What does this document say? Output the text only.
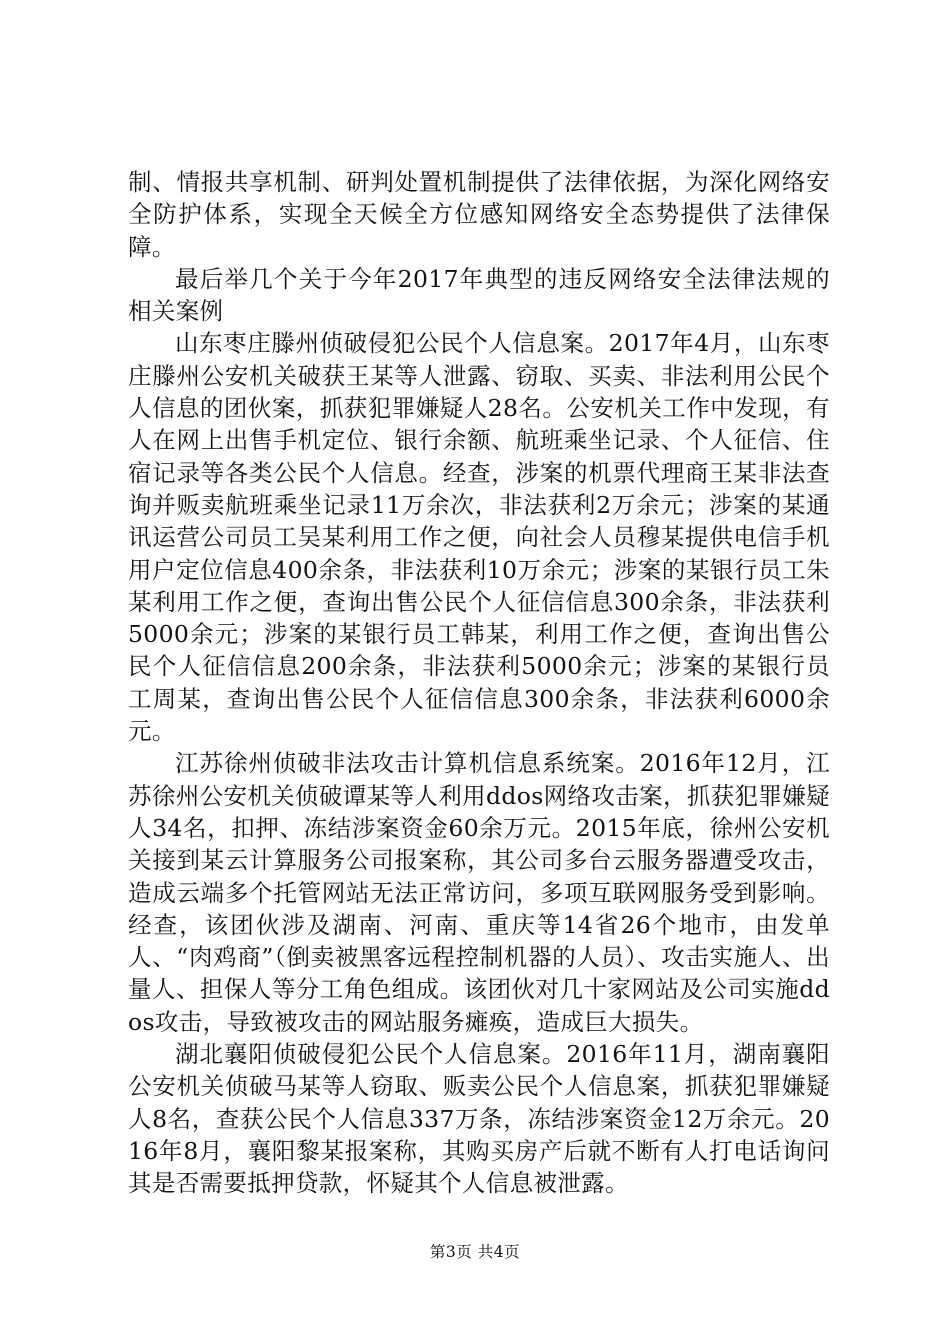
制、情报共享机制、研判处置机制提供了法律依据，为深化网络安全防护体系，实现全天候全方位感知网络安全态势提供了法律保障。

最后举几个关于今年2017年典型的违反网络安全法律法规的相关案例

山东枣庄滕州侦破侵犯公民个人信息案。2017年4月，山东枣庄滕州公安机关破获王某等人泄露、窃取、买卖、非法利用公民个人信息的团伙案，抓获犯罪嫌疑人28名。公安机关工作中发现，有人在网上出售手机定位、银行余额、航班乘坐记录、个人征信、住宿记录等各类公民个人信息。经查，涉案的机票代理商王某非法查询并贩卖航班乘坐记录11万余次，非法获利2万余元；涉案的某通讯运营公司员工吴某利用工作之便，向社会人员穆某提供电信手机用户定位信息400余条，非法获利10万余元；涉案的某银行员工朱某利用工作之便，查询出售公民个人征信信息300余条，非法获利5000余元；涉案的某银行员工韩某，利用工作之便，查询出售公民个人征信信息200余条，非法获利5000余元；涉案的某银行员工周某，查询出售公民个人征信信息300余条，非法获利6000余元。

江苏徐州侦破非法攻击计算机信息系统案。2016年12月，江苏徐州公安机关侦破谭某等人利用ddos网络攻击案，抓获犯罪嫌疑人34名，扣押、冻结涉案资金60余万元。2015年底，徐州公安机关接到某云计算服务公司报案称，其公司多台云服务器遭受攻击，造成云端多个托管网站无法正常访问，多项互联网服务受到影响。经查，该团伙涉及湖南、河南、重庆等14省26个地市，由发单人、“肉鸡商”（倒卖被黑客远程控制机器的人员）、攻击实施人、出量人、担保人等分工角色组成。该团伙对几十家网站及公司实施ddos攻击，导致被攻击的网站服务瘫痪，造成巨大损失。

湖北襄阳侦破侵犯公民个人信息案。2016年11月，湖南襄阳公安机关侦破马某等人窃取、贩卖公民个人信息案，抓获犯罪嫌疑人8名，查获公民个人信息337万条，冻结涉案资金12万余元。2016年8月，襄阳黎某报案称，其购买房产后就不断有人打电话询问其是否需要抵押贷款，怀疑其个人信息被泄露。

第3页 共4页
